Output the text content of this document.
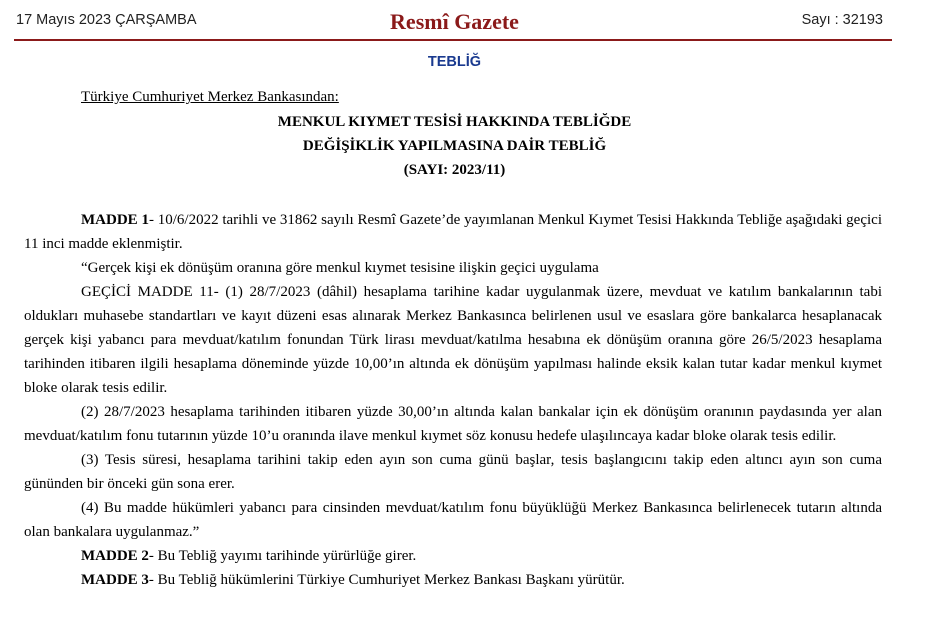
17 Mayıs 2023 ÇARŞAMBA	Resmî Gazete	Sayı : 32193
TEBLİĞ
Türkiye Cumhuriyet Merkez Bankasından:
MENKUL KIYMET TESİSİ HAKKINDA TEBLİĞDE
DEĞİŞİKLİK YAPILMASINA DAİR TEBLİĞ
(SAYI: 2023/11)

MADDE 1- 10/6/2022 tarihli ve 31862 sayılı Resmî Gazete’de yayımlanan Menkul Kıymet Tesisi Hakkında Tebliğe aşağıdaki geçici 11 inci madde eklenmiştir.

“Gerçek kişi ek dönüşüm oranına göre menkul kıymet tesisine ilişkin geçici uygulama

GEÇİCİ MADDE 11- (1) 28/7/2023 (dâhil) hesaplama tarihine kadar uygulanmak üzere, mevduat ve katılım bankalarının tabi oldukları muhasebe standartları ve kayıt düzeni esas alınarak Merkez Bankasınca belirlenen usul ve esaslara göre bankalarca hesaplanacak gerçek kişi yabancı para mevduat/katılım fonundan Türk lirası mevduat/katılma hesabına ek dönüşüm oranına göre 26/5/2023 hesaplama tarihinden itibaren ilgili hesaplama döneminde yüzde 10,00’ın altında ek dönüşüm yapılması halinde eksik kalan tutar kadar menkul kıymet bloke olarak tesis edilir.

(2) 28/7/2023 hesaplama tarihinden itibaren yüzde 30,00’ın altında kalan bankalar için ek dönüşüm oranının paydasında yer alan mevduat/katılım fonu tutarının yüzde 10’u oranında ilave menkul kıymet söz konusu hedefe ulaşılıncaya kadar bloke olarak tesis edilir.

(3) Tesis süresi, hesaplama tarihini takip eden ayın son cuma günü başlar, tesis başlangıcını takip eden altıncı ayın son cuma gününden bir önceki gün sona erer.

(4) Bu madde hükümleri yabancı para cinsinden mevduat/katılım fonu büyüklüğü Merkez Bankasınca belirlenecek tutarın altında olan bankalara uygulanmaz.”

MADDE 2- Bu Tebliğ yayımı tarihinde yürürlüğe girer.

MADDE 3- Bu Tebliğ hükümlerini Türkiye Cumhuriyet Merkez Bankası Başkanı yürütür.
